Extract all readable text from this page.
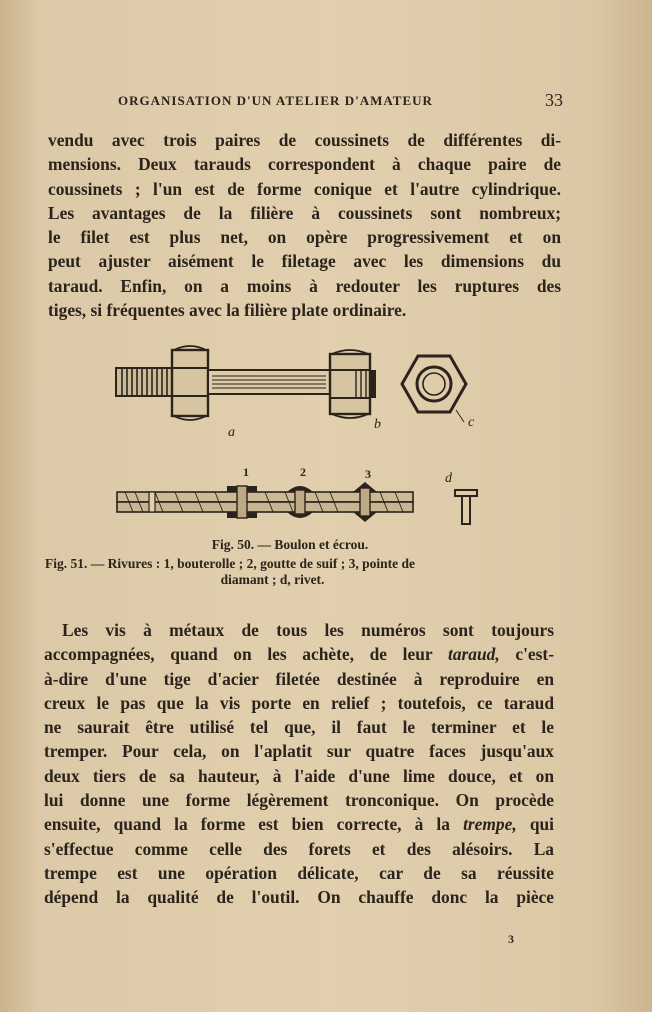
ORGANISATION D'UN ATELIER D'AMATEUR	33
vendu avec trois paires de coussinets de différentes di-
mensions. Deux tarauds correspondent à chaque paire de
coussinets ; l'un est de forme conique et l'autre cylindrique.
Les avantages de la filière à coussinets sont nombreux;
le filet est plus net, on opère progressivement et on
peut ajuster aisément le filetage avec les dimensions du
taraud. Enfin, on a moins à redouter les ruptures des
tiges, si fréquentes avec la filière plate ordinaire.
a
b	c
1	2	3	d
Fig. 50. — Boulon et écrou.
Fig. 51. — Rivures : 1, bouterolle ; 2, goutte de suif ; 3, pointe de
diamant ; d, rivet.
Les vis à métaux de tous les numéros sont toujours
accompagnées, quand on les achète, de leur taraud, c'est-
à-dire d'une tige d'acier filetée destinée à reproduire en
creux le pas que la vis porte en relief ; toutefois, ce taraud
ne saurait être utilisé tel que, il faut le terminer et le
tremper. Pour cela, on l'aplatit sur quatre faces jusqu'aux
deux tiers de sa hauteur, à l'aide d'une lime douce, et on
lui donne une forme légèrement tronconique. On procède
ensuite, quand la forme est bien correcte, à la trempe, qui
s'effectue comme celle des forets et des alésoirs. La
trempe est une opération délicate, car de sa réussite
dépend la qualité de l'outil. On chauffe donc la pièce
3
